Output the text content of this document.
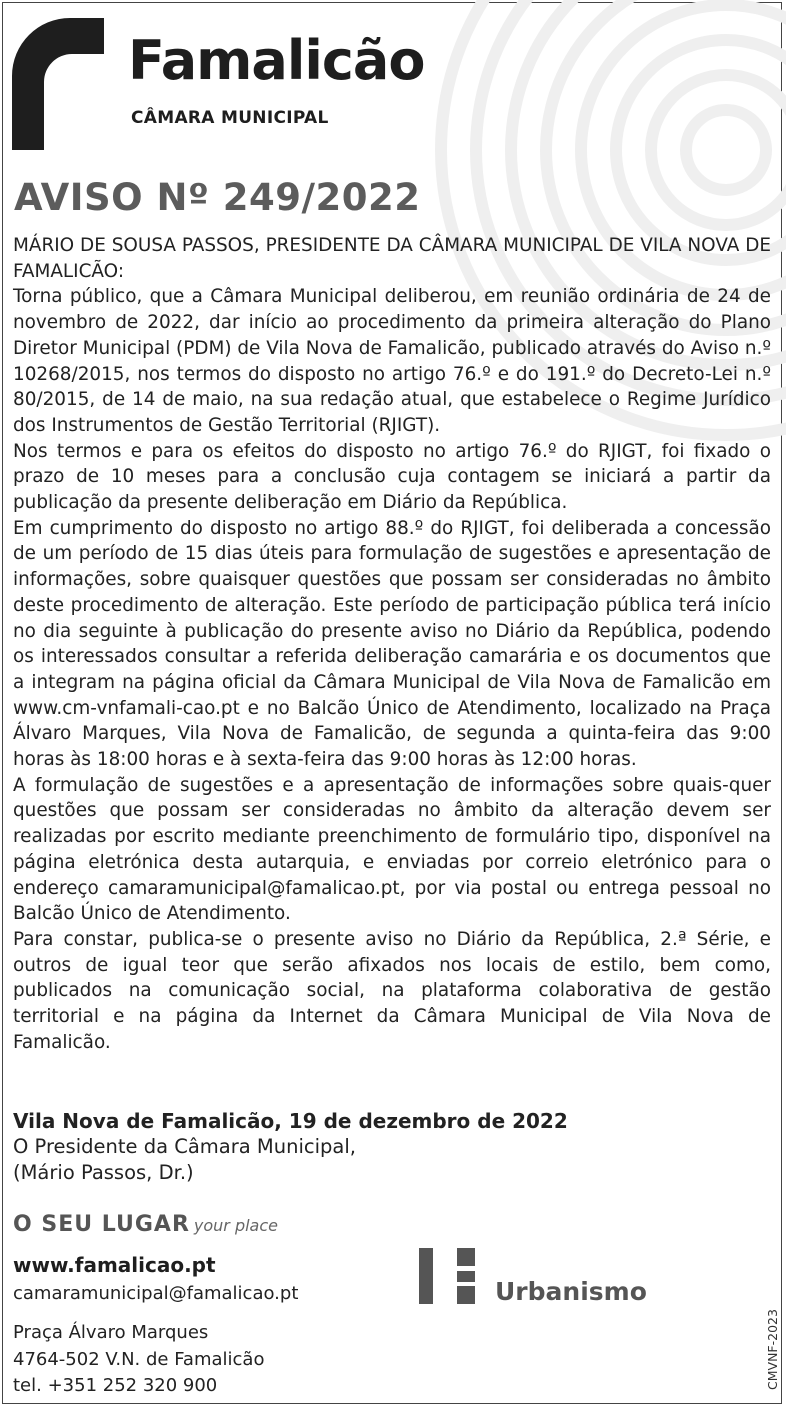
Famalicão
CÂMARA MUNICIPAL
AVISO Nº 249/2022

MÁRIO DE SOUSA PASSOS, PRESIDENTE DA CÂMARA MUNICIPAL DE VILA NOVA DE FAMALICÃO:

Torna público, que a Câmara Municipal deliberou, em reunião ordinária de 24 de novembro de 2022, dar início ao procedimento da primeira alteração do Plano Diretor Municipal (PDM) de Vila Nova de Famalicão, publicado através do Aviso n.º 10268/2015, nos termos do disposto no artigo 76.º e do 191.º do Decreto-Lei n.º 80/2015, de 14 de maio, na sua redação atual, que estabelece o Regime Jurídico dos Instrumentos de Gestão Territorial (RJIGT).

Nos termos e para os efeitos do disposto no artigo 76.º do RJIGT, foi fixado o prazo de 10 meses para a conclusão cuja contagem se iniciará a partir da publicação da presente deliberação em Diário da República.

Em cumprimento do disposto no artigo 88.º do RJIGT, foi deliberada a concessão de um período de 15 dias úteis para formulação de sugestões e apresentação de informações, sobre quaisquer questões que possam ser consideradas no âmbito deste procedimento de alteração. Este período de participação pública terá início no dia seguinte à publicação do presente aviso no Diário da República, podendo os interessados consultar a referida deliberação camarária e os documentos que a integram na página oficial da Câmara Municipal de Vila Nova de Famalicão em www.cm-vnfamali-cao.pt e no Balcão Único de Atendimento, localizado na Praça Álvaro Marques, Vila Nova de Famalicão, de segunda a quinta-feira das 9:00 horas às 18:00 horas e à sexta-feira das 9:00 horas às 12:00 horas.

A formulação de sugestões e a apresentação de informações sobre quais-quer questões que possam ser consideradas no âmbito da alteração devem ser realizadas por escrito mediante preenchimento de formulário tipo, disponível na página eletrónica desta autarquia, e enviadas por correio eletrónico para o endereço camaramunicipal@famalicao.pt, por via postal ou entrega pessoal no Balcão Único de Atendimento.

Para constar, publica-se o presente aviso no Diário da República, 2.ª Série, e outros de igual teor que serão afixados nos locais de estilo, bem como, publicados na comunicação social, na plataforma colaborativa de gestão territorial e na página da Internet da Câmara Municipal de Vila Nova de Famalicão.

Vila Nova de Famalicão, 19 de dezembro de 2022
O Presidente da Câmara Municipal,
(Mário Passos, Dr.)
O SEU LUGAR your place
www.famalicao.pt
camaramunicipal@famalicao.pt
Praça Álvaro Marques
4764-502 V.N. de Famalicão
tel. +351 252 320 900
Urbanismo
CMVNF-2023
